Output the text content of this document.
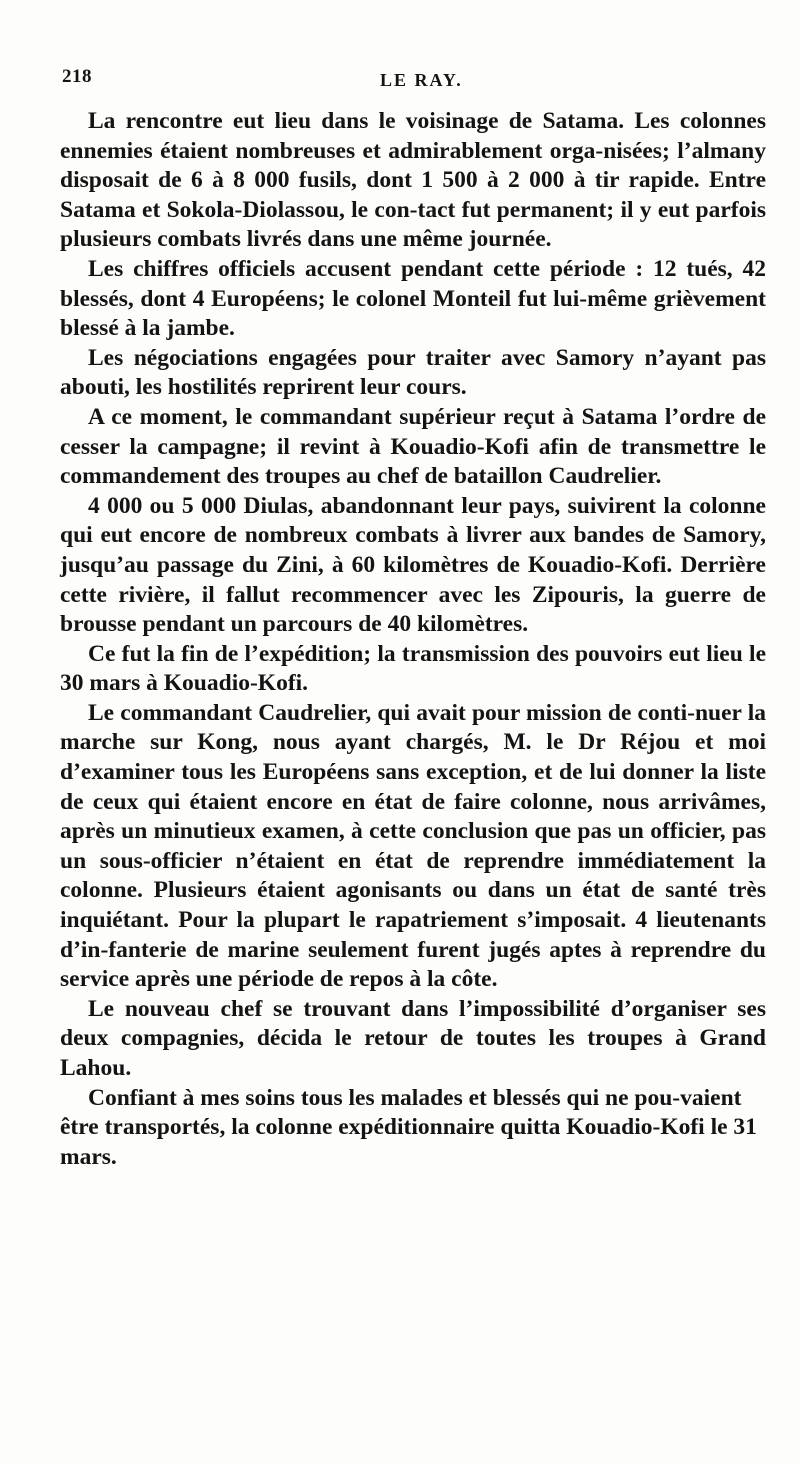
218	LE RAY.

La rencontre eut lieu dans le voisinage de Satama. Les colonnes ennemies étaient nombreuses et admirablement orga-nisées; l’almany disposait de 6 à 8 000 fusils, dont 1 500 à 2 000 à tir rapide. Entre Satama et Sokola-Diolassou, le con-tact fut permanent; il y eut parfois plusieurs combats livrés dans une même journée.

Les chiffres officiels accusent pendant cette période : 12 tués, 42 blessés, dont 4 Européens; le colonel Monteil fut lui-même grièvement blessé à la jambe.

Les négociations engagées pour traiter avec Samory n’ayant pas abouti, les hostilités reprirent leur cours.

A ce moment, le commandant supérieur reçut à Satama l’ordre de cesser la campagne; il revint à Kouadio-Kofi afin de transmettre le commandement des troupes au chef de bataillon Caudrelier.

4 000 ou 5 000 Diulas, abandonnant leur pays, suivirent la colonne qui eut encore de nombreux combats à livrer aux bandes de Samory, jusqu’au passage du Zini, à 60 kilomètres de Kouadio-Kofi. Derrière cette rivière, il fallut recommencer avec les Zipouris, la guerre de brousse pendant un parcours de 40 kilomètres.

Ce fut la fin de l’expédition; la transmission des pouvoirs eut lieu le 30 mars à Kouadio-Kofi.

Le commandant Caudrelier, qui avait pour mission de conti-nuer la marche sur Kong, nous ayant chargés, M. le Dr Réjou et moi d’examiner tous les Européens sans exception, et de lui donner la liste de ceux qui étaient encore en état de faire colonne, nous arrivâmes, après un minutieux examen, à cette conclusion que pas un officier, pas un sous-officier n’étaient en état de reprendre immédiatement la colonne. Plusieurs étaient agonisants ou dans un état de santé très inquiétant. Pour la plupart le rapatriement s’imposait. 4 lieutenants d’in-fanterie de marine seulement furent jugés aptes à reprendre du service après une période de repos à la côte.

Le nouveau chef se trouvant dans l’impossibilité d’organiser ses deux compagnies, décida le retour de toutes les troupes à Grand Lahou.

Confiant à mes soins tous les malades et blessés qui ne pou-vaient être transportés, la colonne expéditionnaire quitta Kouadio-Kofi le 31 mars.
